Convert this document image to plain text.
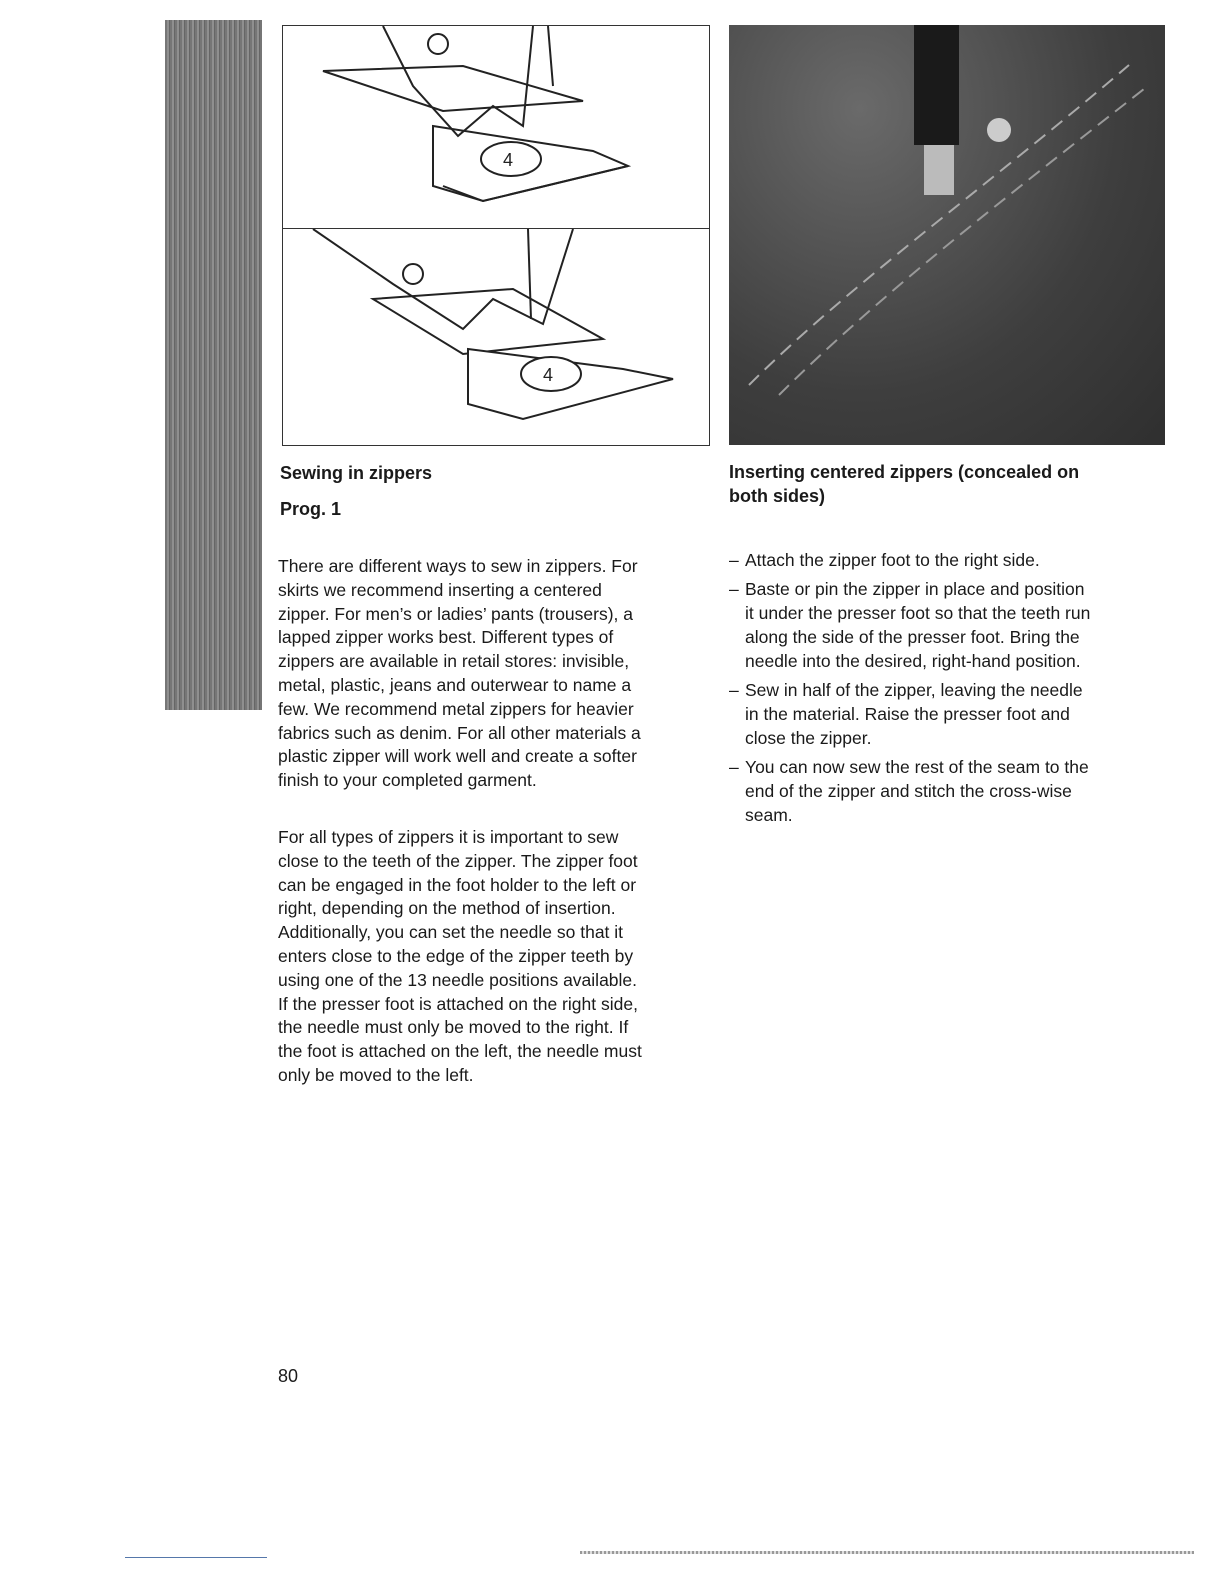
4
4
Sewing in zippers
Prog. 1
There are different ways to sew in zippers. For
skirts we recommend inserting a centered
zipper. For men’s or ladies’ pants (trousers), a
lapped zipper works best. Different types of
zippers are available in retail stores: invisible,
metal, plastic, jeans and outerwear to name a
few. We recommend metal zippers for heavier
fabrics such as denim. For all other materials a
plastic zipper will work well and create a softer
finish to your completed garment.
For all types of zippers it is important to sew
close to the teeth of the zipper. The zipper foot
can be engaged in the foot holder to the left or
right, depending on the method of insertion.
Additionally, you can set the needle so that it
enters close to the edge of the zipper teeth by
using one of the 13 needle positions available.
If the presser foot is attached on the right side,
the needle must only be moved to the right. If
the foot is attached on the left, the needle must
only be moved to the left.
Inserting centered zippers (concealed on
both sides)
– Attach the zipper foot to the right side.
– Baste or pin the zipper in place and position
it under the presser foot so that the teeth run
along the side of the presser foot. Bring the
needle into the desired, right-hand position.
– Sew in half of the zipper, leaving the needle
in the material. Raise the presser foot and
close the zipper.
– You can now sew the rest of the seam to the
end of the zipper and stitch the cross-wise
seam.
80
